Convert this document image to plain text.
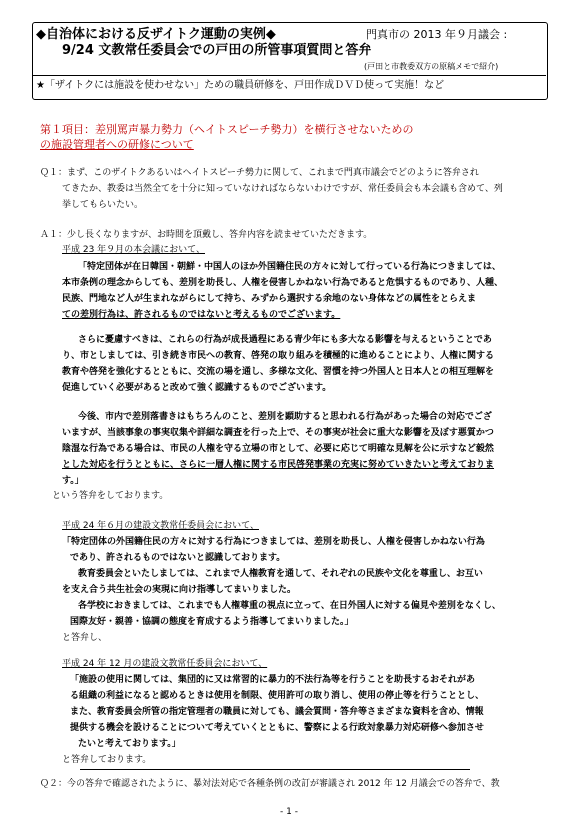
◆自治体における反ザイトク運動の実例◆	門真市の 2013 年９月議会 :
9/24 文教常任委員会での戸田の所管事項質問と答弁
(戸田と市教委双方の原稿メモで紹介)
★「ザイトクには施設を使わせない」ための職員研修を、戸田作成ＤＶＤ使って実施！など
第１項目：差別罵声暴力勢力（ヘイトスピーチ勢力）を横行させないための
の施設管理者への研修について
Ｑ１：まず、このザイトクあるいはヘイトスピーチ勢力に関して、これまで門真市議会でどのように答弁され
てきたか、教委は当然全てを十分に知っていなければならないわけですが、常任委員会も本会議も含めて、列
挙してもらいたい。
Ａ１：少し長くなりますが、お時間を頂戴し、答弁内容を読ませていただきます。
平成 23 年９月の本会議において、
「特定団体が在日韓国・朝鮮・中国人のほか外国籍住民の方々に対して行っている行為につきましては、
本市条例の理念からしても、差別を助長し、人権を侵害しかねない行為であると危惧するものであり、人種、
民族、門地など人が生まれながらにして持ち、みずから選択する余地のない身体などの属性をとらえま
ての差別行為は、許されるものではないと考えるものでございます。
さらに憂慮すべきは、これらの行為が成長過程にある青少年にも多大なる影響を与えるということであ
り、市としましては、引き続き市民への教育、啓発の取り組みを積極的に進めることにより、人権に関する
教育や啓発を強化するとともに、交流の場を通し、多様な文化、習慣を持つ外国人と日本人との相互理解を
促進していく必要があると改めて強く認識するものでございます。
今後、市内で差別落書きはもちろんのこと、差別を顕助すると思われる行為があった場合の対応でござ
いますが、当該事象の事実収集や詳細な調査を行った上で、その事実が社会に重大な影響を及ぼす悪質かつ
陰湿な行為である場合は、市民の人権を守る立場の市として、必要に応じて明確な見解を公に示すなど毅然
とした対応を行うとともに、さらに一層人権に関する市民啓発事業の充実に努めていきたいと考えておりま
す。」
という答弁をしております。
平成 24 年６月の建設文教常任委員会において、
「特定団体の外国籍住民の方々に対する行為につきましては、差別を助長し、人権を侵害しかねない行為
であり、許されるものではないと認識しております。
教育委員会といたしましては、これまで人権教育を通して、それぞれの民族や文化を尊重し、お互い
を支え合う共生社会の実現に向け指導してまいりました。
各学校におきましては、これまでも人権尊重の視点に立って、在日外国人に対する偏見や差別をなくし、
国際友好・親善・協調の態度を育成するよう指導してまいりました。」
と答弁し、
平成 24 年 12 月の建設文教常任委員会において、
「施設の使用に関しては、集団的に又は常習的に暴力的不法行為等を行うことを助長するおそれがあ
る組織の利益になると認めるときは使用を制限、使用許可の取り消し、使用の停止等を行うこととし、
また、教育委員会所管の指定管理者の職員に対しても、議会質問・答弁等さまざまな資料を含め、情報
提供する機会を設けることについて考えていくとともに、警察による行政対象暴力対応研修へ参加させ
たいと考えております。」
と答弁しております。
Ｑ２：今の答弁で確認されたように、暴対法対応で各種条例の改訂が審議され 2012 年 12 月議会での答弁で、教
- 1 -
